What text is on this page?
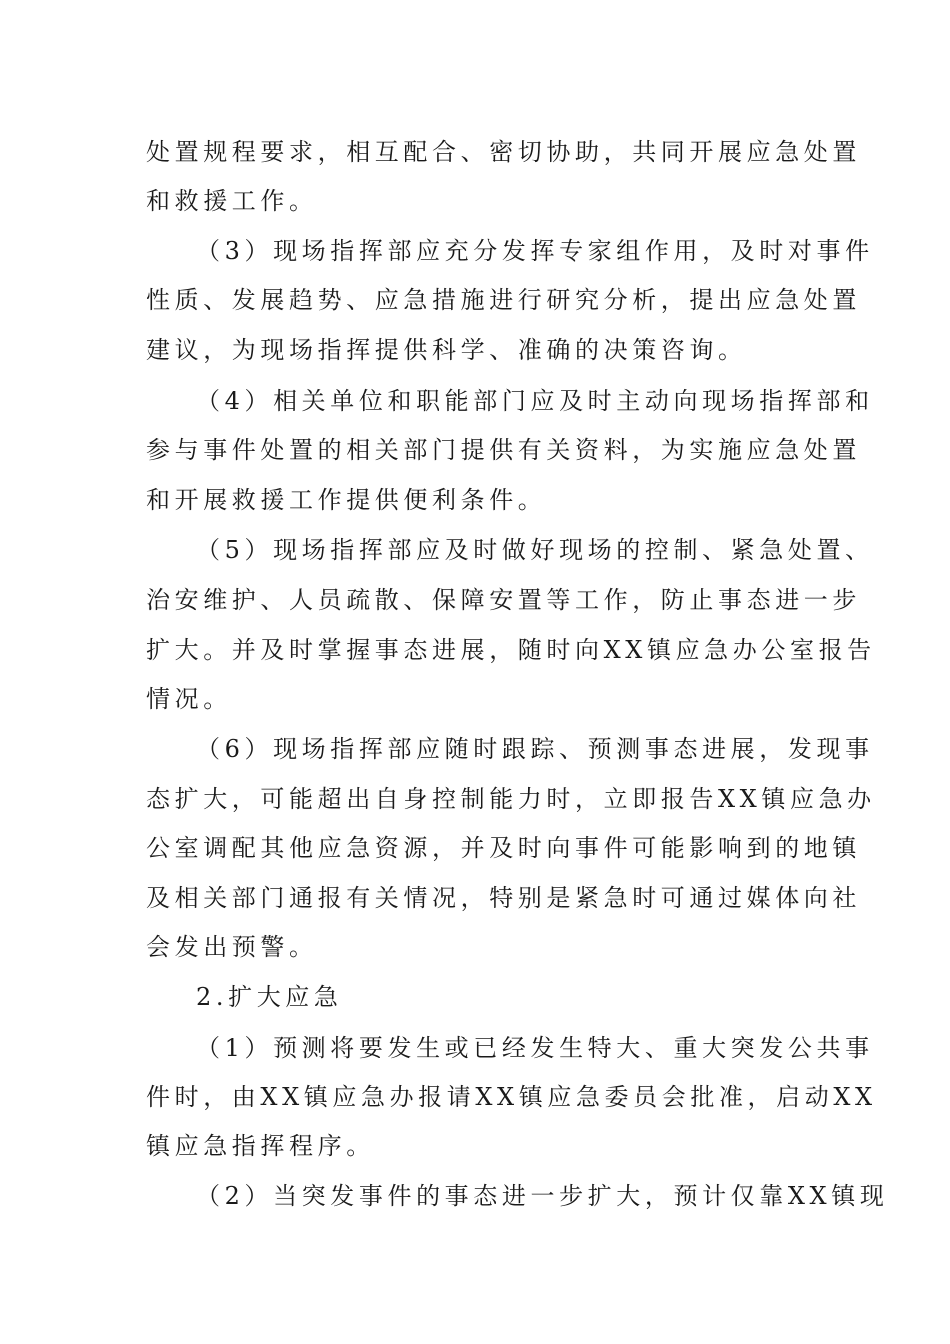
处置规程要求，相互配合、密切协助，共同开展应急处置
和救援工作。
（3）现场指挥部应充分发挥专家组作用，及时对事件
性质、发展趋势、应急措施进行研究分析，提出应急处置
建议，为现场指挥提供科学、准确的决策咨询。
（4）相关单位和职能部门应及时主动向现场指挥部和
参与事件处置的相关部门提供有关资料，为实施应急处置
和开展救援工作提供便利条件。
（5）现场指挥部应及时做好现场的控制、紧急处置、
治安维护、人员疏散、保障安置等工作，防止事态进一步
扩大。并及时掌握事态进展，随时向XX镇应急办公室报告
情况。
（6）现场指挥部应随时跟踪、预测事态进展，发现事
态扩大，可能超出自身控制能力时，立即报告XX镇应急办
公室调配其他应急资源，并及时向事件可能影响到的地镇
及相关部门通报有关情况，特别是紧急时可通过媒体向社
会发出预警。
2.扩大应急
（1）预测将要发生或已经发生特大、重大突发公共事
件时，由XX镇应急办报请XX镇应急委员会批准，启动XX
镇应急指挥程序。
（2）当突发事件的事态进一步扩大，预计仅靠XX镇现
